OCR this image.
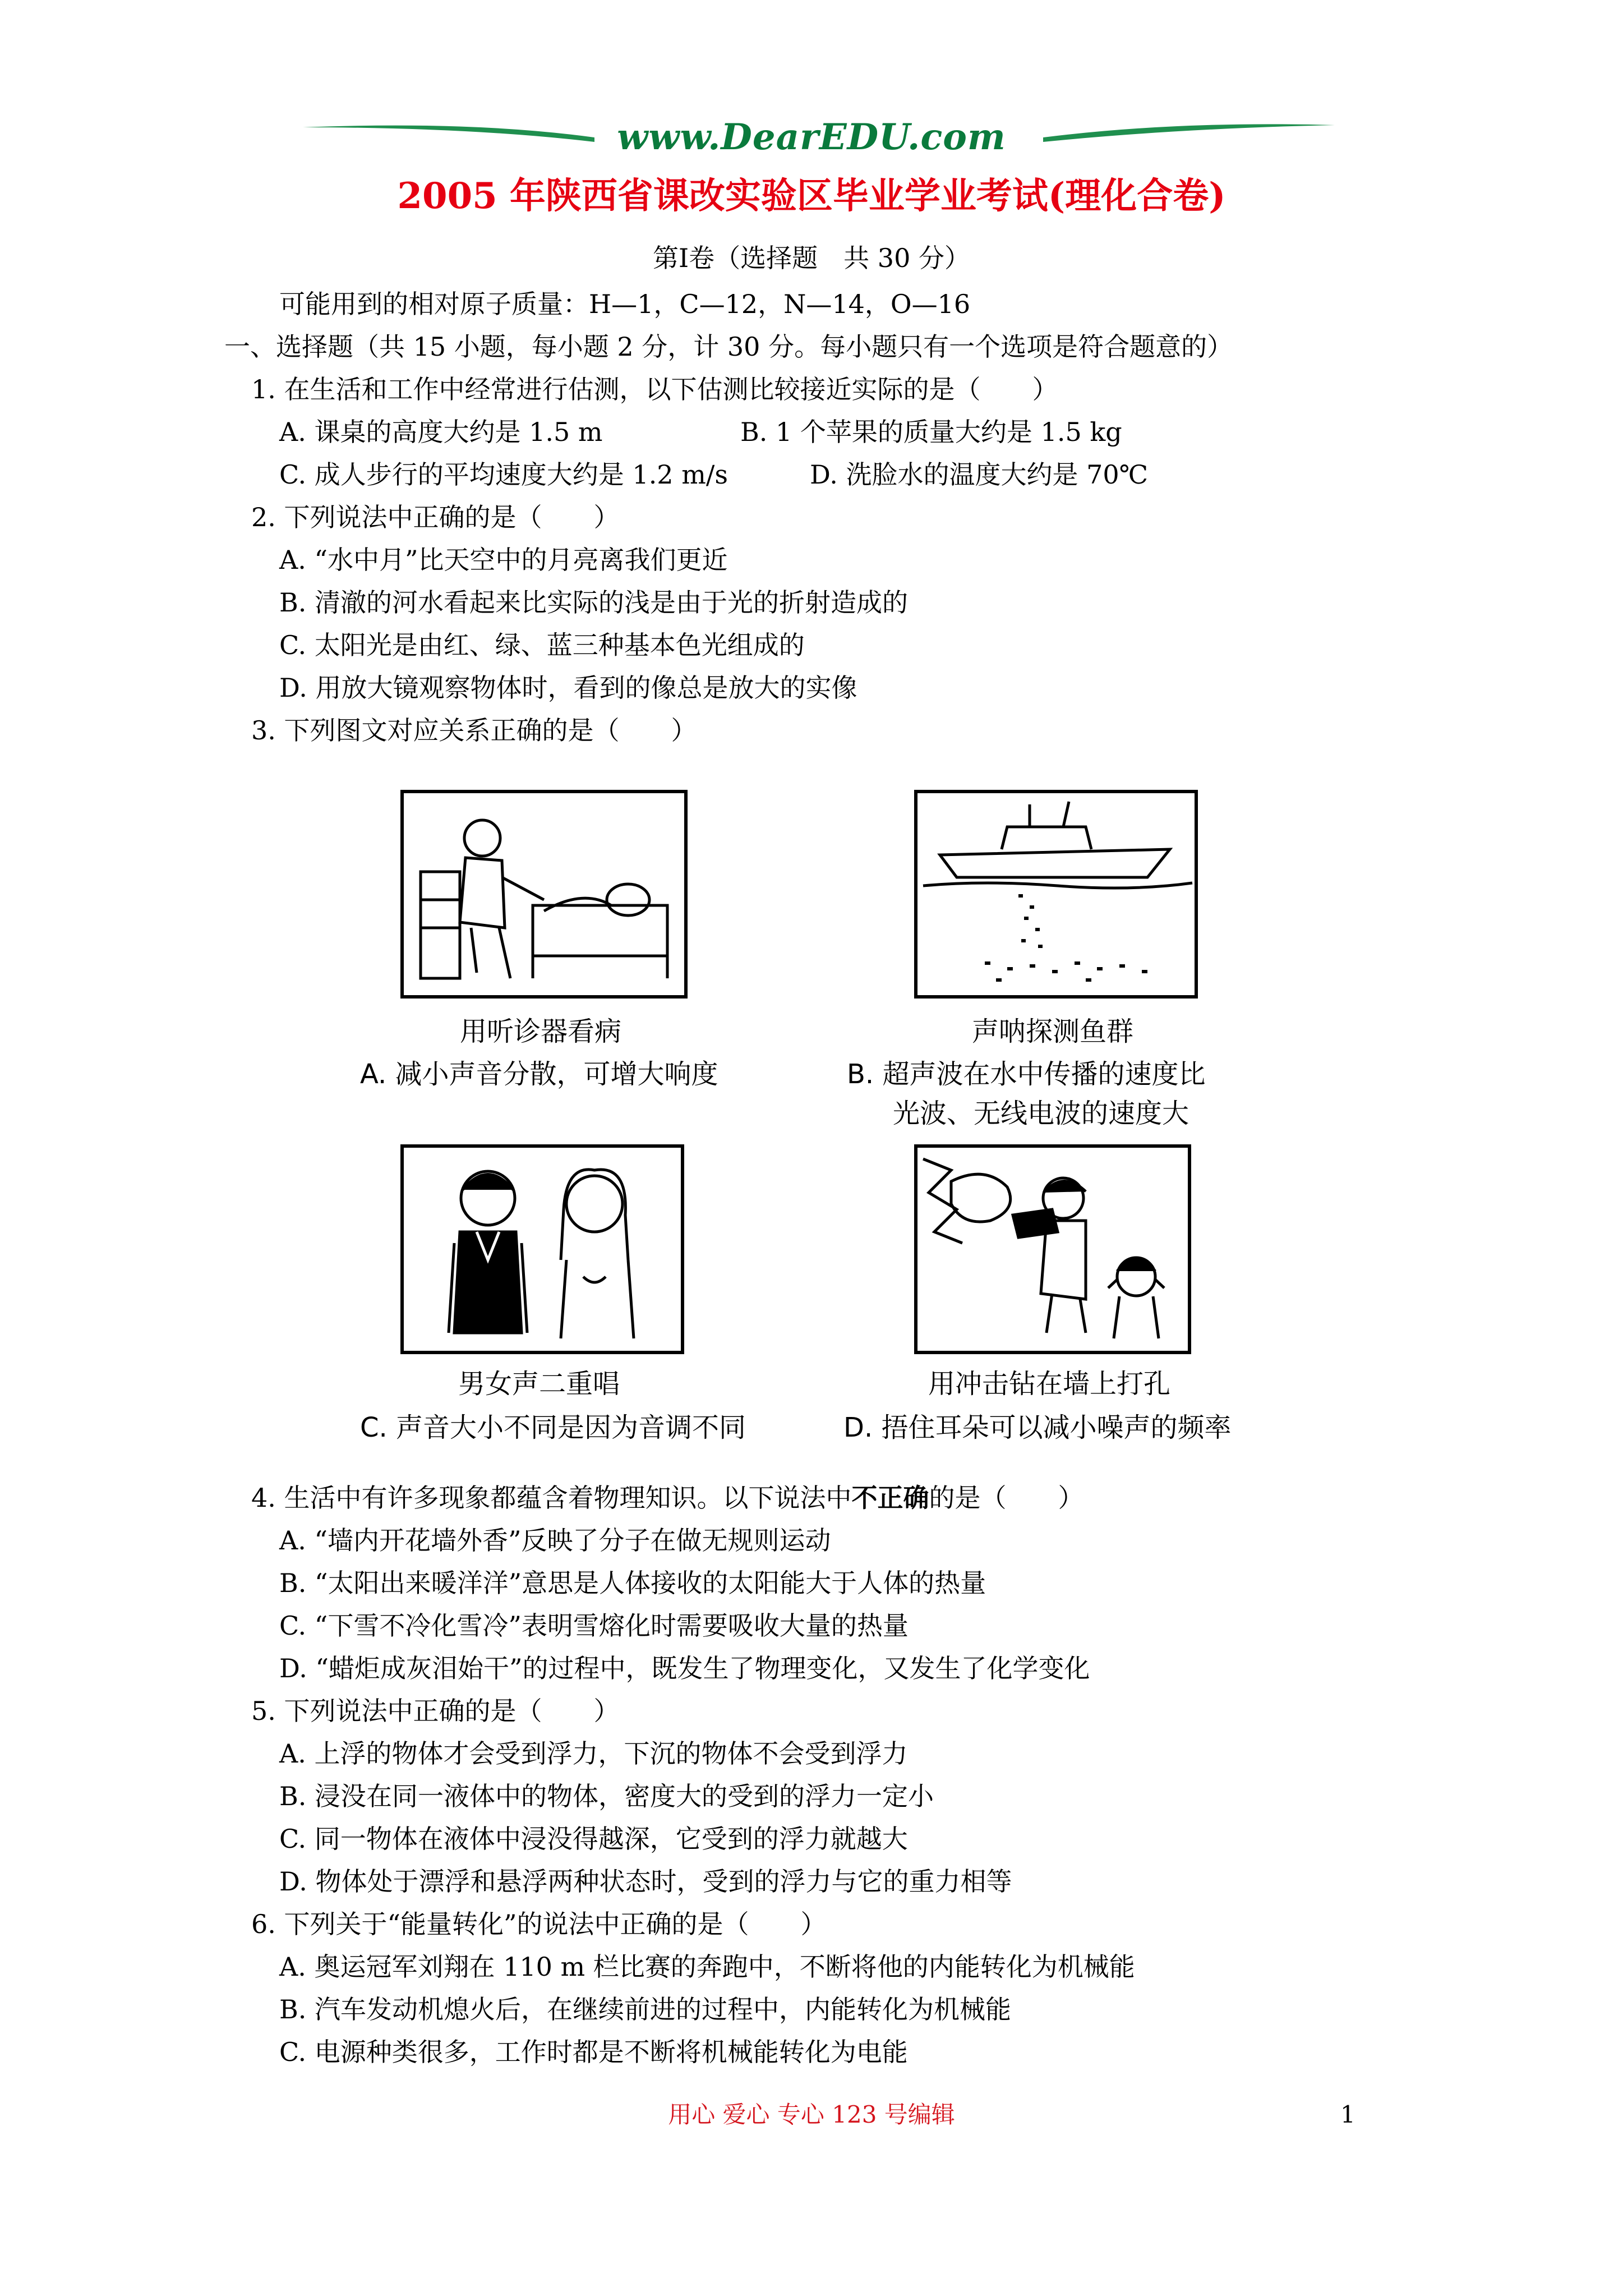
www.DearEDU.com
2005 年陕西省课改实验区毕业学业考试(理化合卷)
第Ⅰ卷（选择题　共 30 分）
可能用到的相对原子质量：H—1，C—12，N—14，O—16
一、选择题（共 15 小题，每小题 2 分，计 30 分。每小题只有一个选项是符合题意的）
1. 在生活和工作中经常进行估测，以下估测比较接近实际的是（　　）
A. 课桌的高度大约是 1.5 m	B. 1 个苹果的质量大约是 1.5 kg
C. 成人步行的平均速度大约是 1.2 m/s	D. 洗脸水的温度大约是 70℃
2. 下列说法中正确的是（　　）
A. “水中月”比天空中的月亮离我们更近
B. 清澈的河水看起来比实际的浅是由于光的折射造成的
C. 太阳光是由红、绿、蓝三种基本色光组成的
D. 用放大镜观察物体时，看到的像总是放大的实像
3. 下列图文对应关系正确的是（　　）
用听诊器看病
A. 减小声音分散，可增大响度
声呐探测鱼群
B. 超声波在水中传播的速度比
光波、无线电波的速度大
男女声二重唱
C. 声音大小不同是因为音调不同
用冲击钻在墙上打孔
D. 捂住耳朵可以减小噪声的频率
4. 生活中有许多现象都蕴含着物理知识。以下说法中不正确的是（　　）
A. “墙内开花墙外香”反映了分子在做无规则运动
B. “太阳出来暖洋洋”意思是人体接收的太阳能大于人体的热量
C. “下雪不冷化雪冷”表明雪熔化时需要吸收大量的热量
D. “蜡炬成灰泪始干”的过程中，既发生了物理变化，又发生了化学变化
5. 下列说法中正确的是（　　）
A. 上浮的物体才会受到浮力，下沉的物体不会受到浮力
B. 浸没在同一液体中的物体，密度大的受到的浮力一定小
C. 同一物体在液体中浸没得越深，它受到的浮力就越大
D. 物体处于漂浮和悬浮两种状态时，受到的浮力与它的重力相等
6. 下列关于“能量转化”的说法中正确的是（　　）
A. 奥运冠军刘翔在 110 m 栏比赛的奔跑中，不断将他的内能转化为机械能
B. 汽车发动机熄火后，在继续前进的过程中，内能转化为机械能
C. 电源种类很多，工作时都是不断将机械能转化为电能
用心 爱心 专心 123 号编辑	1
